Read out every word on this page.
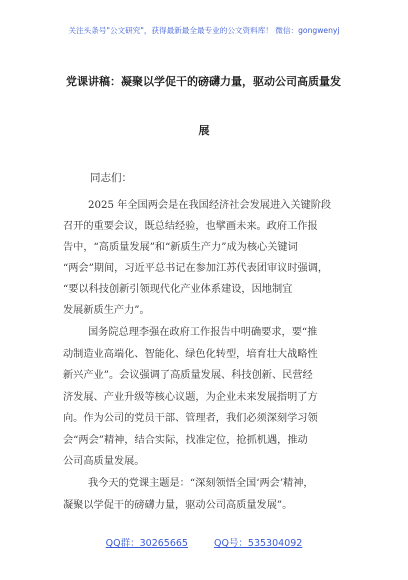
关注头条号"公文研究"，获得最新最全最专业的公文资料库！ 微信：gongwenyj
党课讲稿：凝聚以学促干的磅礴力量，驱动公司高质量发
展
同志们：
2025 年全国两会是在我国经济社会发展进入关键阶段
召开的重要会议，既总结经验，也擘画未来。政府工作报
告中，“高质量发展”和“新质生产力”成为核心关键词
“两会”期间，习近平总书记在参加江苏代表团审议时强调，
“要以科技创新引领现代化产业体系建设，因地制宜
发展新质生产力”。
国务院总理李强在政府工作报告中明确要求，要“推
动制造业高端化、智能化、绿色化转型，培育壮大战略性
新兴产业”。会议强调了高质量发展、科技创新、民营经
济发展、产业升级等核心议题，为企业未来发展指明了方
向。作为公司的党员干部、管理者，我们必须深刻学习领
会“两会”精神，结合实际，找准定位，抢抓机遇，推动
公司高质量发展。
我今天的党课主题是：“深刻领悟全国‘两会’精神，
凝聚以学促干的磅礴力量，驱动公司高质量发展”。
QQ群：30265665	QQ号：535304092
